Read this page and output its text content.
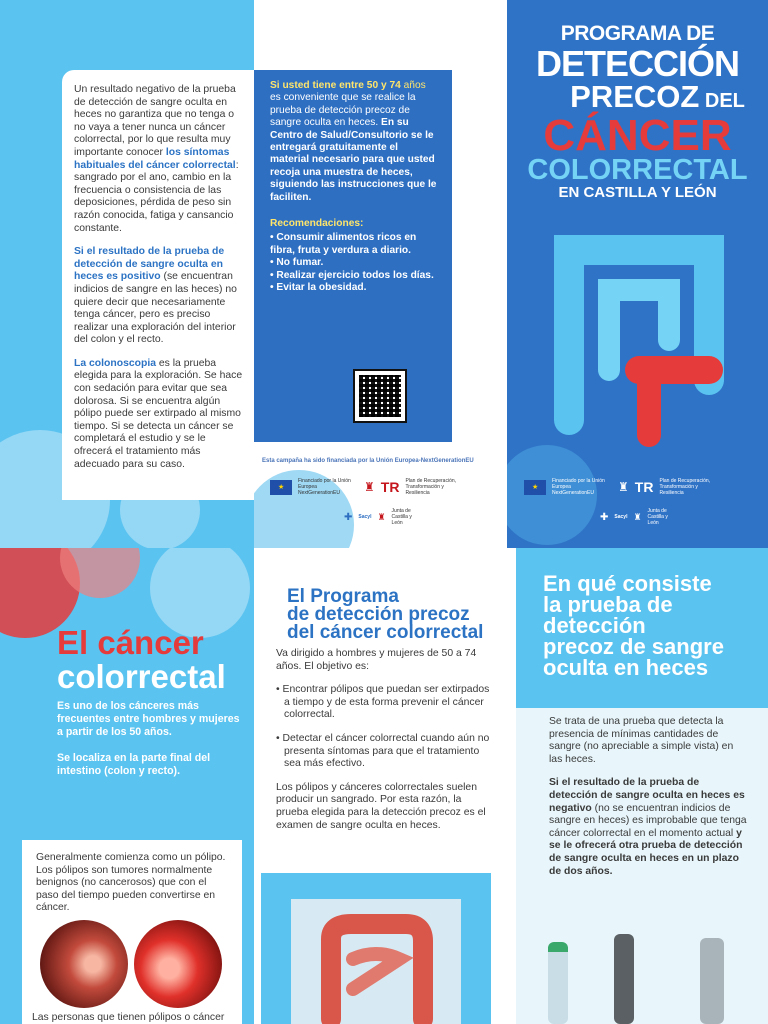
Un resultado negativo de la prueba de detección de sangre oculta en heces no garantiza que no tenga o no vaya a tener nunca un cáncer colorrectal, por lo que resulta muy importante conocer los síntomas habituales del cáncer colorrectal: sangrado por el ano, cambio en la frecuencia o consistencia de las deposiciones, pérdida de peso sin razón conocida, fatiga y cansancio constante.

Si el resultado de la prueba de detección de sangre oculta en heces es positivo (se encuentran indicios de sangre en las heces) no quiere decir que necesariamente tenga cáncer, pero es preciso realizar una exploración del interior del colon y el recto.

La colonoscopia es la prueba elegida para la exploración. Se hace con sedación para evitar que sea dolorosa. Si se encuentra algún pólipo puede ser extirpado al mismo tiempo. Si se detecta un cáncer se completará el estudio y se le ofrecerá el tratamiento más adecuado para su caso.

Si usted tiene entre 50 y 74 años es conveniente que se realice la prueba de detección precoz de sangre oculta en heces. En su Centro de Salud/Consultorio se le entregará gratuitamente el material necesario para que usted recoja una muestra de heces, siguiendo las instrucciones que le faciliten.
Recomendaciones:
• Consumir alimentos ricos en fibra, fruta y verdura a diario.
• No fumar.
• Realizar ejercicio todos los días.
• Evitar la obesidad.
Esta campaña ha sido financiada por la Unión Europea-NextGenerationEU
★
Financiado por la Unión Europea NextGenerationEU	♜ TR Plan de Recuperación, Transformación y Resiliencia
✚ Sacyl ♜
Junta de Castilla y León
PROGRAMA DE
DETECCIÓN
PRECOZ DEL
CÁNCER
COLORRECTAL
EN CASTILLA Y LEÓN
★
Financiado por la Unión Europea NextGenerationEU	♜ TR Plan de Recuperación, Transformación y Resiliencia
✚ Sacyl ♜
Junta de Castilla y León
El cáncer
colorrectal

Es uno de los cánceres más frecuentes entre hombres y mujeres a partir de los 50 años.

Se localiza en la parte final del intestino (colon y recto).

Generalmente comienza como un pólipo. Los pólipos son tumores normalmente benignos (no cancerosos) que con el paso del tiempo pueden convertirse en cáncer.

Las personas que tienen pólipos o cáncer

El Programa
de detección precoz
del cáncer colorrectal

Va dirigido a hombres y mujeres de 50 a 74 años. El objetivo es:

• Encontrar pólipos que puedan ser extirpados a tiempo y de esta forma prevenir el cáncer colorrectal.
• Detectar el cáncer colorrectal cuando aún no presenta síntomas para que el tratamiento sea más efectivo.

Los pólipos y cánceres colorrectales suelen producir un sangrado. Por esta razón, la prueba elegida para la detección precoz es el examen de sangre oculta en heces.

En qué consiste
la prueba de
detección
precoz de sangre
oculta en heces

Se trata de una prueba que detecta la presencia de mínimas cantidades de sangre (no apreciable a simple vista) en las heces.

Si el resultado de la prueba de detección de sangre oculta en heces es negativo (no se encuentran indicios de sangre en heces) es improbable que tenga cáncer colorrectal en el momento actual y se le ofrecerá otra prueba de detección de sangre oculta en heces en un plazo de dos años.
